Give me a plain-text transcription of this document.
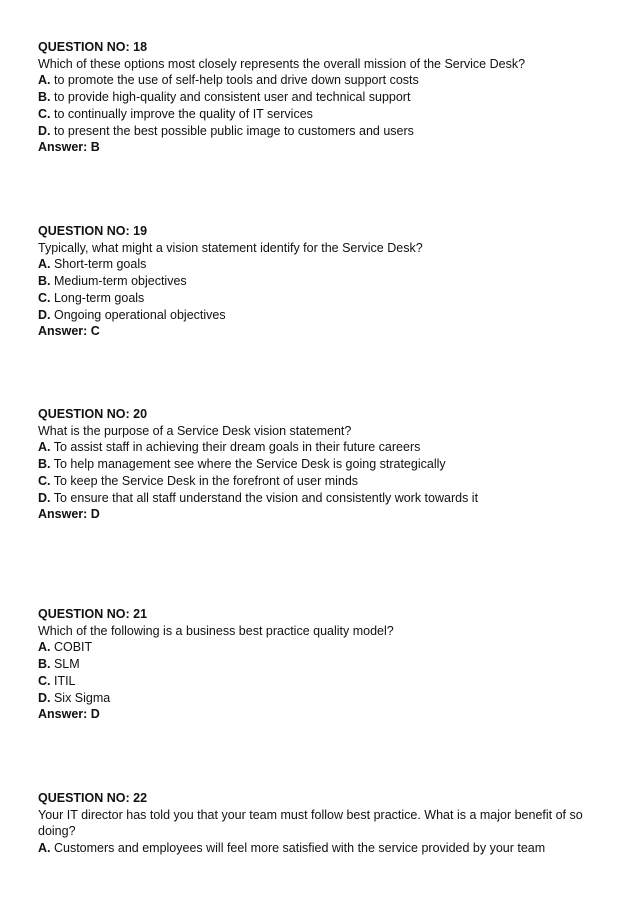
QUESTION NO: 18
Which of these options most closely represents the overall mission of the Service Desk?
A. to promote the use of self-help tools and drive down support costs
B. to provide high-quality and consistent user and technical support
C. to continually improve the quality of IT services
D. to present the best possible public image to customers and users
Answer: B
QUESTION NO: 19
Typically, what might a vision statement identify for the Service Desk?
A. Short-term goals
B. Medium-term objectives
C. Long-term goals
D. Ongoing operational objectives
Answer: C
QUESTION NO: 20
What is the purpose of a Service Desk vision statement?
A. To assist staff in achieving their dream goals in their future careers
B. To help management see where the Service Desk is going strategically
C. To keep the Service Desk in the forefront of user minds
D. To ensure that all staff understand the vision and consistently work towards it
Answer: D
QUESTION NO: 21
Which of the following is a business best practice quality model?
A. COBIT
B. SLM
C. ITIL
D. Six Sigma
Answer: D
QUESTION NO: 22
Your IT director has told you that your team must follow best practice. What is a major benefit of so doing?
A. Customers and employees will feel more satisfied with the service provided by your team
